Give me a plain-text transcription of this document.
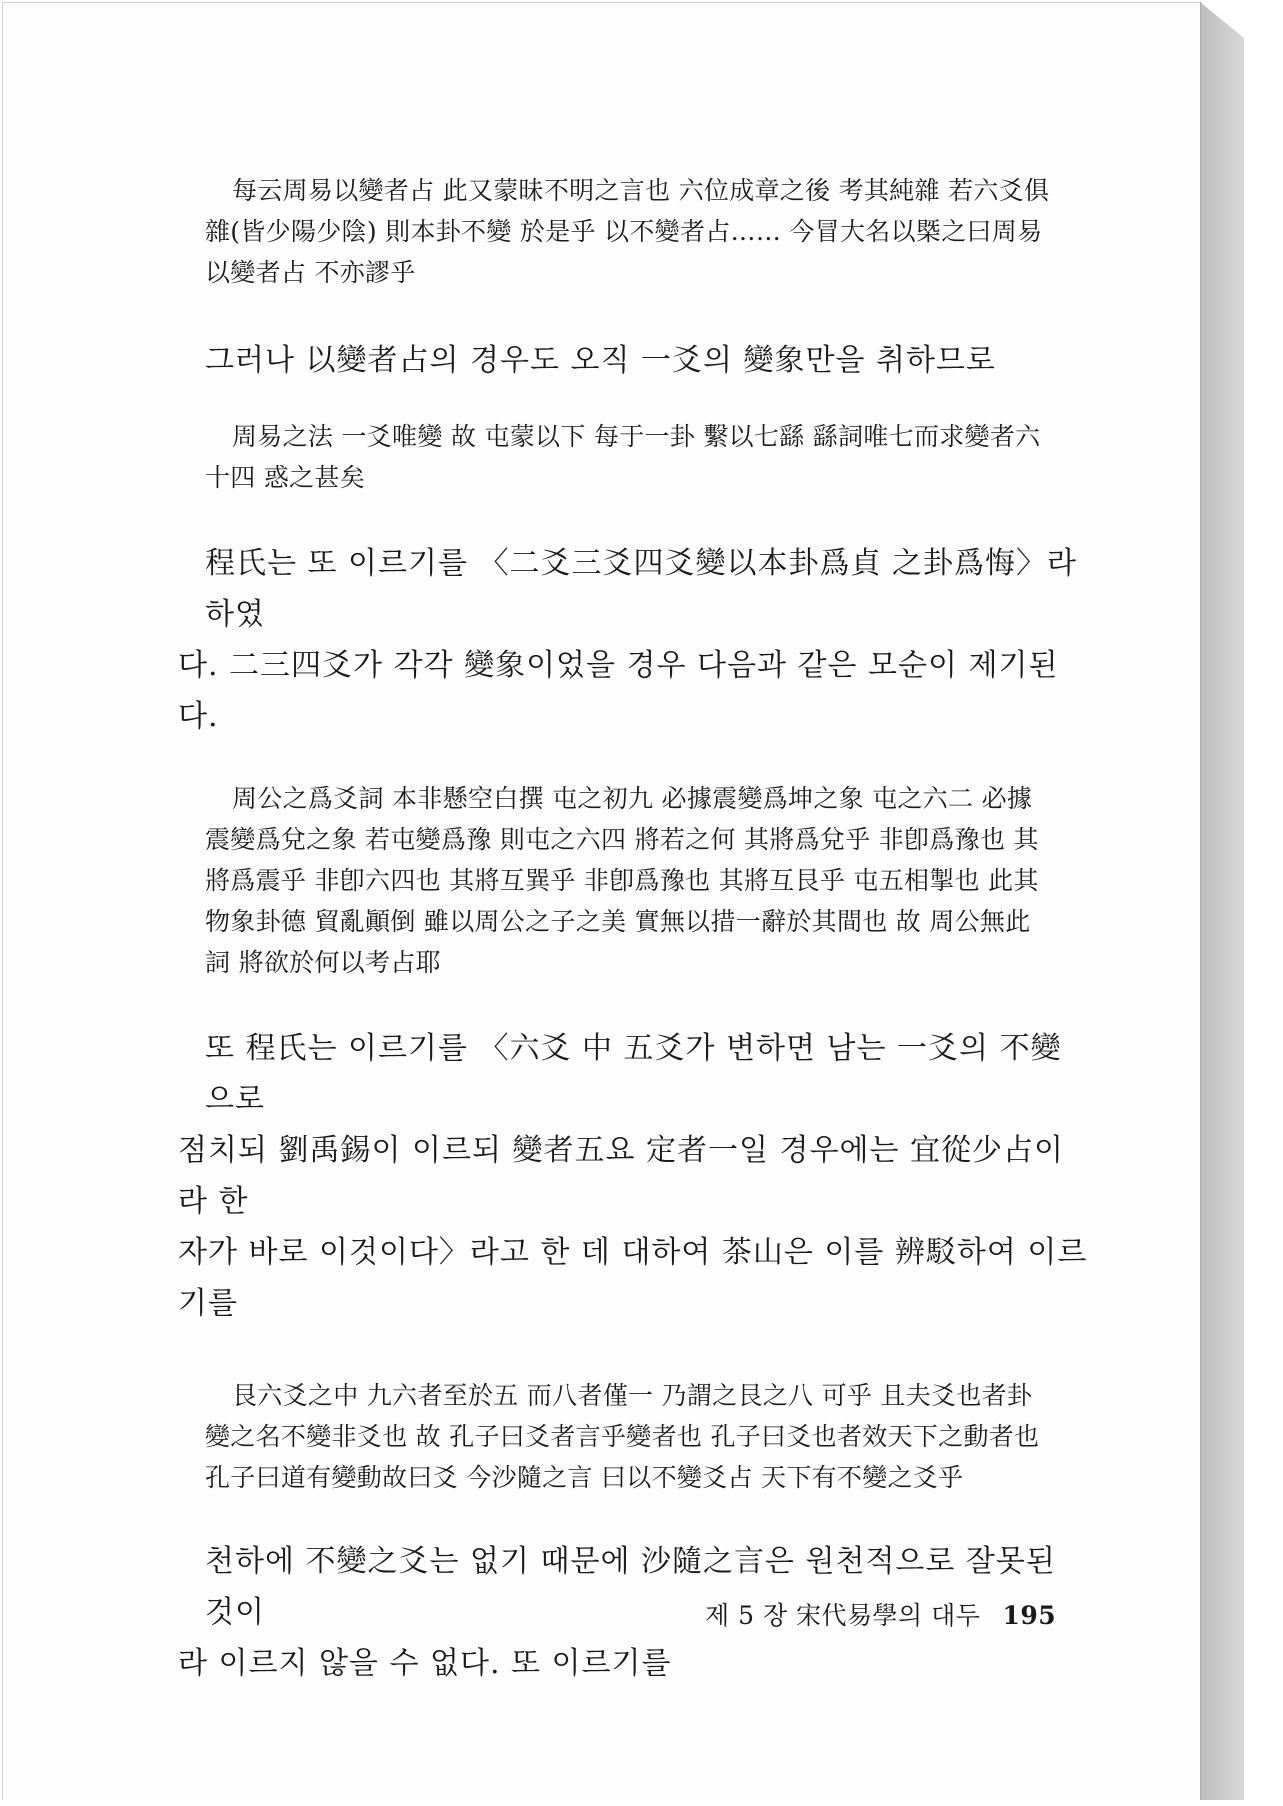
每云周易以變者占 此又蒙昧不明之言也 六位成章之後 考其純雜 若六爻俱

雜(皆少陽少陰) 則本卦不變 於是乎 以不變者占…… 今冒大名以槩之曰周易

以變者占 不亦謬乎

그러나 以變者占의 경우도 오직 一爻의 變象만을 취하므로

周易之法 一爻唯變 故 屯蒙以下 每于一卦 繫以七繇 繇詞唯七而求變者六

十四 惑之甚矣

程氏는 또 이르기를 〈二爻三爻四爻變以本卦爲貞 之卦爲悔〉라 하였

다. 二三四爻가 각각 變象이었을 경우 다음과 같은 모순이 제기된다.

周公之爲爻詞 本非懸空白撰 屯之初九 必據震變爲坤之象 屯之六二 必據

震變爲兌之象 若屯變爲豫 則屯之六四 將若之何 其將爲兌乎 非卽爲豫也 其

將爲震乎 非卽六四也 其將互巽乎 非卽爲豫也 其將互艮乎 屯五相掣也 此其

物象卦德 貿亂顚倒 雖以周公之子之美 實無以措一辭於其間也 故 周公無此

詞 將欲於何以考占耶

또 程氏는 이르기를 〈六爻 中 五爻가 변하면 남는 一爻의 不變으로

점치되 劉禹錫이 이르되 變者五요 定者一일 경우에는 宜從少占이라 한

자가 바로 이것이다〉라고 한 데 대하여 茶山은 이를 辨駁하여 이르

기를

艮六爻之中 九六者至於五 而八者僅一 乃謂之艮之八 可乎 且夫爻也者卦

變之名不變非爻也 故 孔子曰爻者言乎變者也 孔子曰爻也者效天下之動者也

孔子曰道有變動故曰爻 今沙隨之言 曰以不變爻占 天下有不變之爻乎

천하에 不變之爻는 없기 때문에 沙隨之言은 원천적으로 잘못된 것이

라 이르지 않을 수 없다. 또 이르기를

제 5 장 宋代易學의 대두 195
